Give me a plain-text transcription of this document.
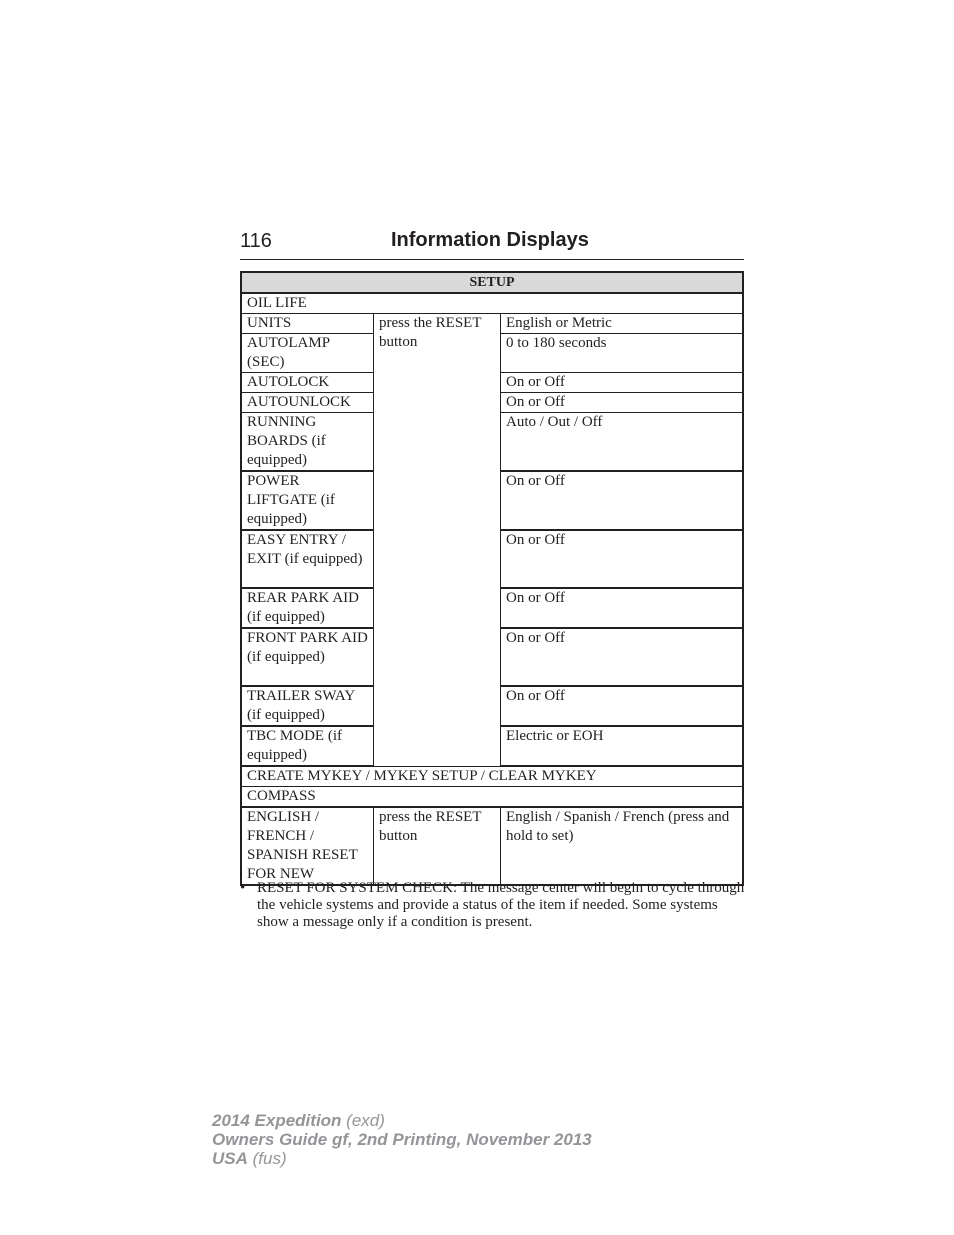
116	Information Displays
SETUP		
OIL LIFE		
UNITS	press the RESET button	English or Metric
AUTOLAMP (SEC)		0 to 180 seconds
AUTOLOCK		On or Off
AUTOUNLOCK		On or Off
RUNNING BOARDS (if equipped)		Auto / Out / Off
POWER LIFTGATE (if equipped)		On or Off
EASY ENTRY / EXIT (if equipped)		On or Off
REAR PARK AID (if equipped)		On or Off
FRONT PARK AID (if equipped)		On or Off
TRAILER SWAY (if equipped)		On or Off
TBC MODE (if equipped)		Electric or EOH

CREATE MYKEY / MYKEY SETUP / CLEAR MYKEY		
COMPASS		
ENGLISH / FRENCH / SPANISH RESET FOR NEW	press the RESET button	English / Spanish / French (press and hold to set)
• RESET FOR SYSTEM CHECK: The message center will begin to cycle through the vehicle systems and provide a status of the item if needed. Some systems show a message only if a condition is present.
2014 Expedition (exd)
Owners Guide gf, 2nd Printing, November 2013
USA (fus)
